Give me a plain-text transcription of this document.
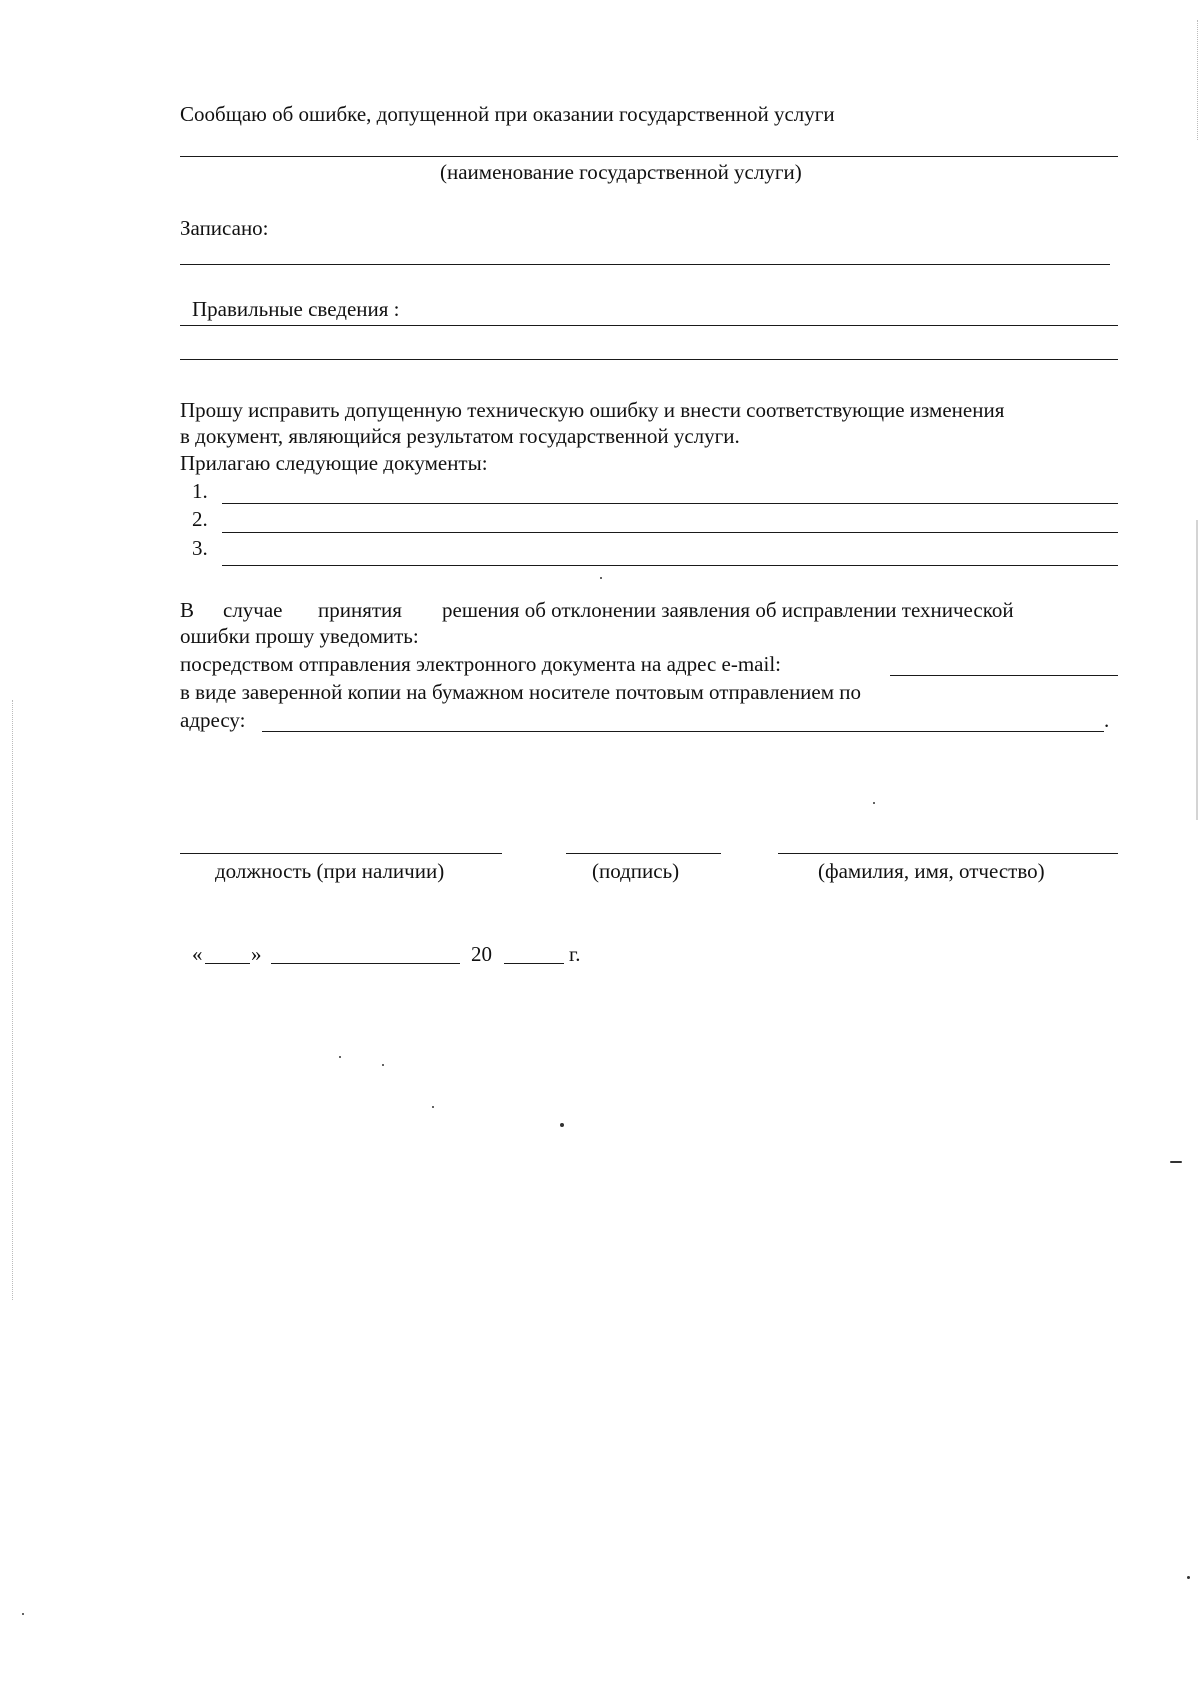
Сообщаю об ошибке, допущенной при оказании государственной услуги
(наименование государственной услуги)
Записано:
Правильные сведения :
Прошу исправить допущенную техническую ошибку и внести соответствующие изменения
в документ, являющийся результатом государственной услуги.
Прилагаю следующие документы:
1.
2.
3.
В случае принятия решения об отклонении заявления об исправлении технической
ошибки прошу уведомить:
посредством отправления электронного документа на адрес e-mail:
в виде заверенной копии на бумажном носителе почтовым отправлением по
адресу:	.
должность (при наличии)	(подпись)	(фамилия, имя, отчество)
« »	20	г.
